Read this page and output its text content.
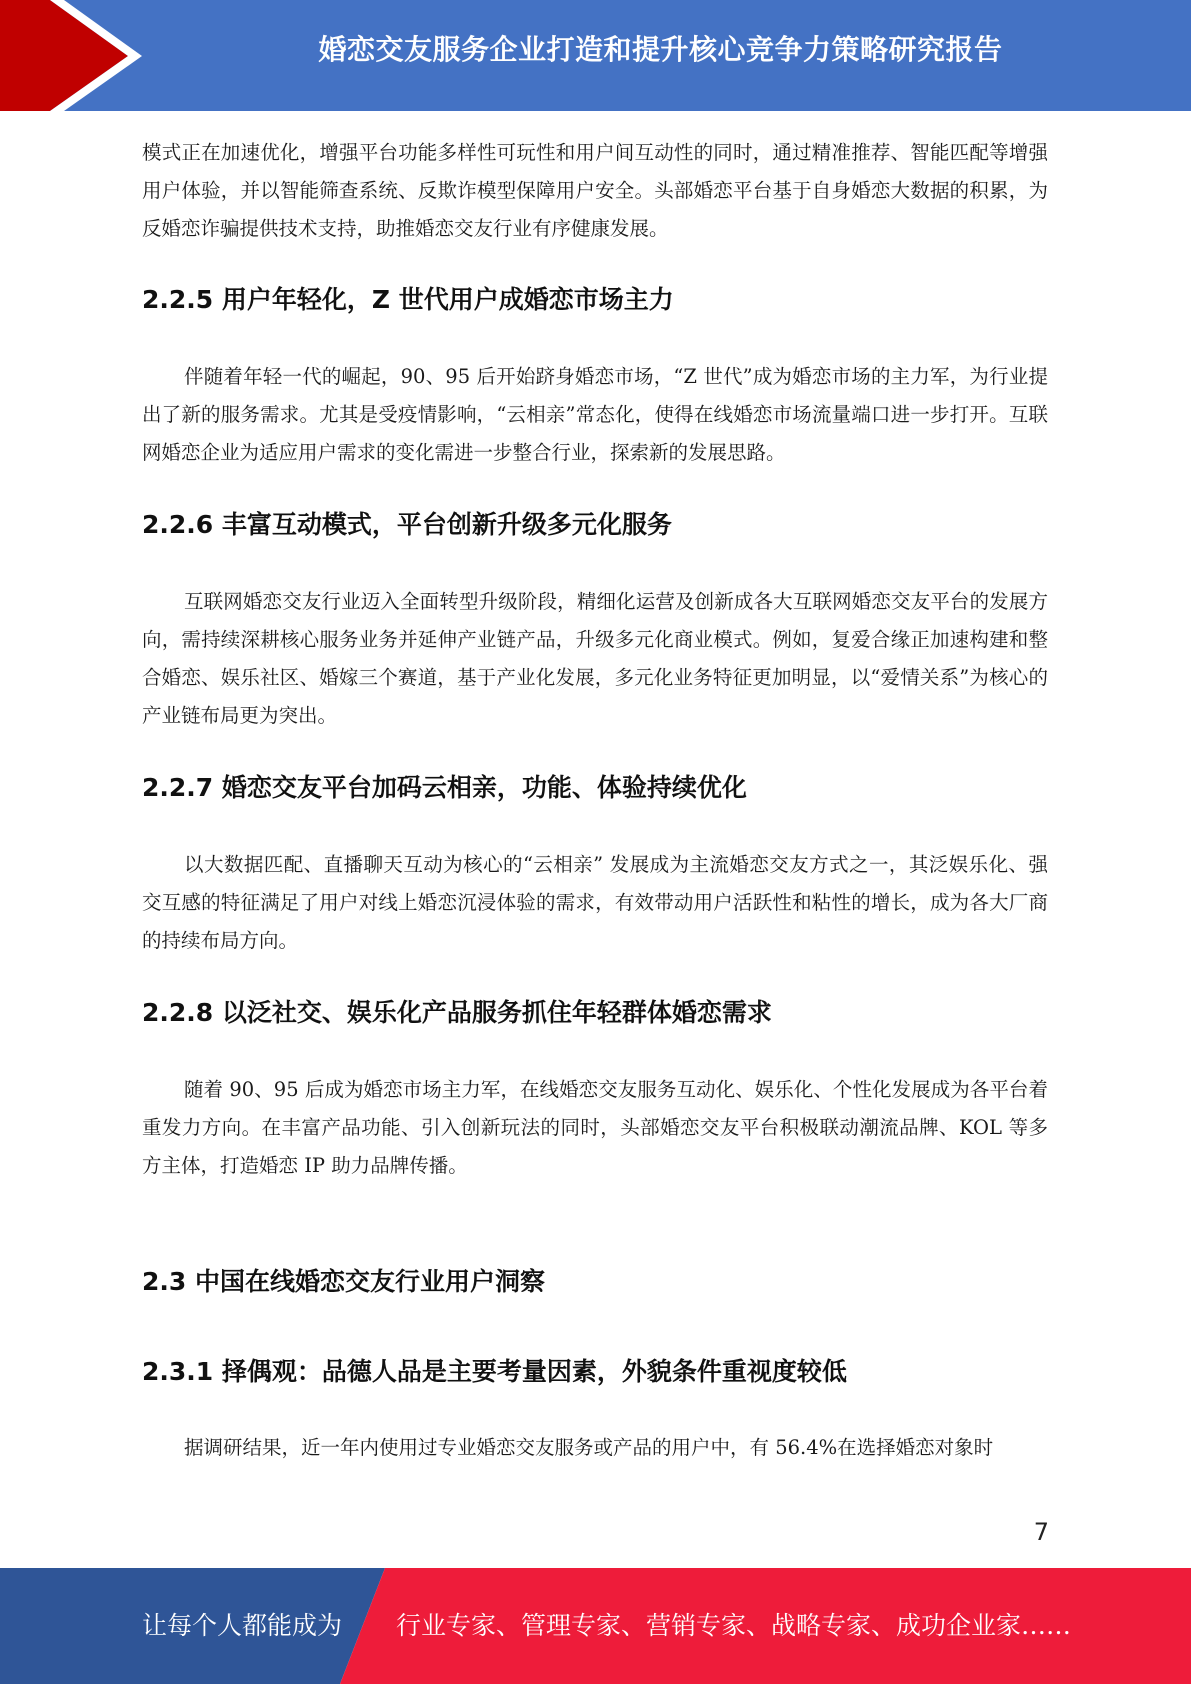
婚恋交友服务企业打造和提升核心竞争力策略研究报告

模式正在加速优化，增强平台功能多样性可玩性和用户间互动性的同时，通过精准推荐、智能匹配等增强用户体验，并以智能筛查系统、反欺诈模型保障用户安全。头部婚恋平台基于自身婚恋大数据的积累，为反婚恋诈骗提供技术支持，助推婚恋交友行业有序健康发展。

2.2.5 用户年轻化，Z 世代用户成婚恋市场主力

伴随着年轻一代的崛起，90、95 后开始跻身婚恋市场，“Z 世代”成为婚恋市场的主力军，为行业提出了新的服务需求。尤其是受疫情影响，“云相亲”常态化，使得在线婚恋市场流量端口进一步打开。互联网婚恋企业为适应用户需求的变化需进一步整合行业，探索新的发展思路。

2.2.6 丰富互动模式，平台创新升级多元化服务

互联网婚恋交友行业迈入全面转型升级阶段，精细化运营及创新成各大互联网婚恋交友平台的发展方向，需持续深耕核心服务业务并延伸产业链产品，升级多元化商业模式。例如，复爱合缘正加速构建和整合婚恋、娱乐社区、婚嫁三个赛道，基于产业化发展，多元化业务特征更加明显，以“爱情关系”为核心的产业链布局更为突出。

2.2.7 婚恋交友平台加码云相亲，功能、体验持续优化

以大数据匹配、直播聊天互动为核心的“云相亲” 发展成为主流婚恋交友方式之一，其泛娱乐化、强交互感的特征满足了用户对线上婚恋沉浸体验的需求，有效带动用户活跃性和粘性的增长，成为各大厂商的持续布局方向。

2.2.8 以泛社交、娱乐化产品服务抓住年轻群体婚恋需求

随着 90、95 后成为婚恋市场主力军，在线婚恋交友服务互动化、娱乐化、个性化发展成为各平台着重发力方向。在丰富产品功能、引入创新玩法的同时，头部婚恋交友平台积极联动潮流品牌、KOL 等多方主体，打造婚恋 IP 助力品牌传播。

2.3 中国在线婚恋交友行业用户洞察
2.3.1 择偶观：品德人品是主要考量因素，外貌条件重视度较低

据调研结果，近一年内使用过专业婚恋交友服务或产品的用户中，有 56.4%在选择婚恋对象时

7
让每个人都能成为 行业专家、管理专家、营销专家、战略专家、成功企业家……
